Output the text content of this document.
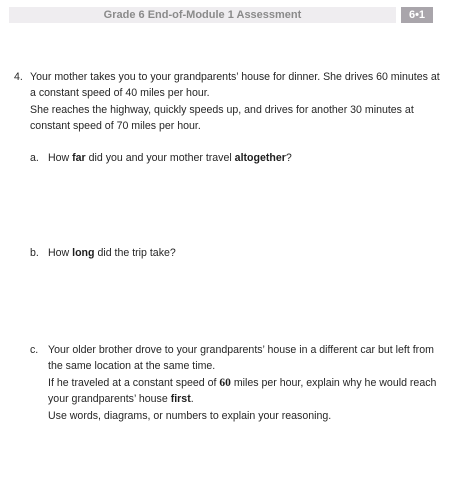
Grade 6 End-of-Module 1 Assessment	6•1
4. Your mother takes you to your grandparents’ house for dinner. She drives 60 minutes at

a constant speed of 40 miles per hour.

She reaches the highway, quickly speeds up, and drives for another 30 minutes at

constant speed of 70 miles per hour.

a. How far did you and your mother travel altogether?
b. How long did the trip take?
c. Your older brother drove to your grandparents’ house in a different car but left from

the same location at the same time.

If he traveled at a constant speed of 60 miles per hour, explain why he would reach

your grandparents’ house first.

Use words, diagrams, or numbers to explain your reasoning.
